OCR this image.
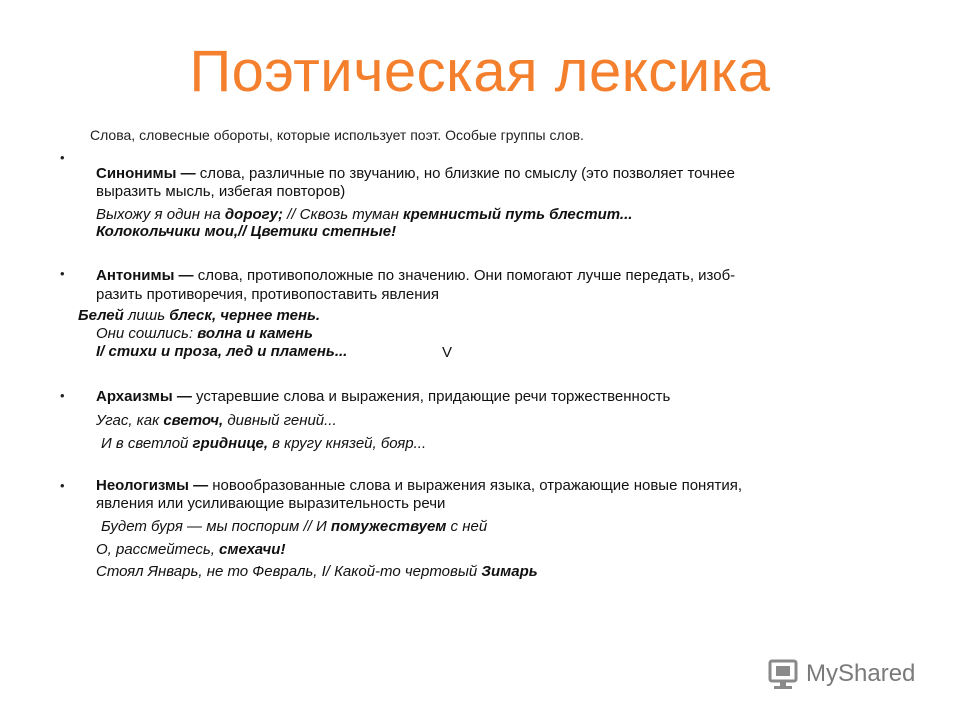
Поэтическая лексика
Слова, словесные обороты, которые использует поэт. Особые группы слов.
•
Синонимы — слова, различные по звучанию, но близкие по смыслу (это позволяет точнее
выразить мысль, избегая повторов)
Выхожу я один на дорогу; // Сквозь туман кремнистый путь блестит...
Колокольчики мои,// Цветики степные!
• Антонимы — слова, противоположные по значению. Они помогают лучше передать, изоб-
разить противоречия, противопоставить явления
Белей лишь блеск, чернее тень.
Они сошлись: волна и камень
I/ стихи и проза, лед и пламень...	V
• Архаизмы — устаревшие слова и выражения, придающие речи торжественность
Угас, как светоч, дивный гений...
И в светлой гриднице, в кругу князей, бояр...
• Неологизмы — новообразованные слова и выражения языка, отражающие новые понятия,
явления или усиливающие выразительность речи
Будет буря — мы поспорим // И помужествуем с ней
О, рассмейтесь, смехачи!
Стоял Январь, не то Февраль, I/ Какой-то чертовый Зимарь
MyShared
